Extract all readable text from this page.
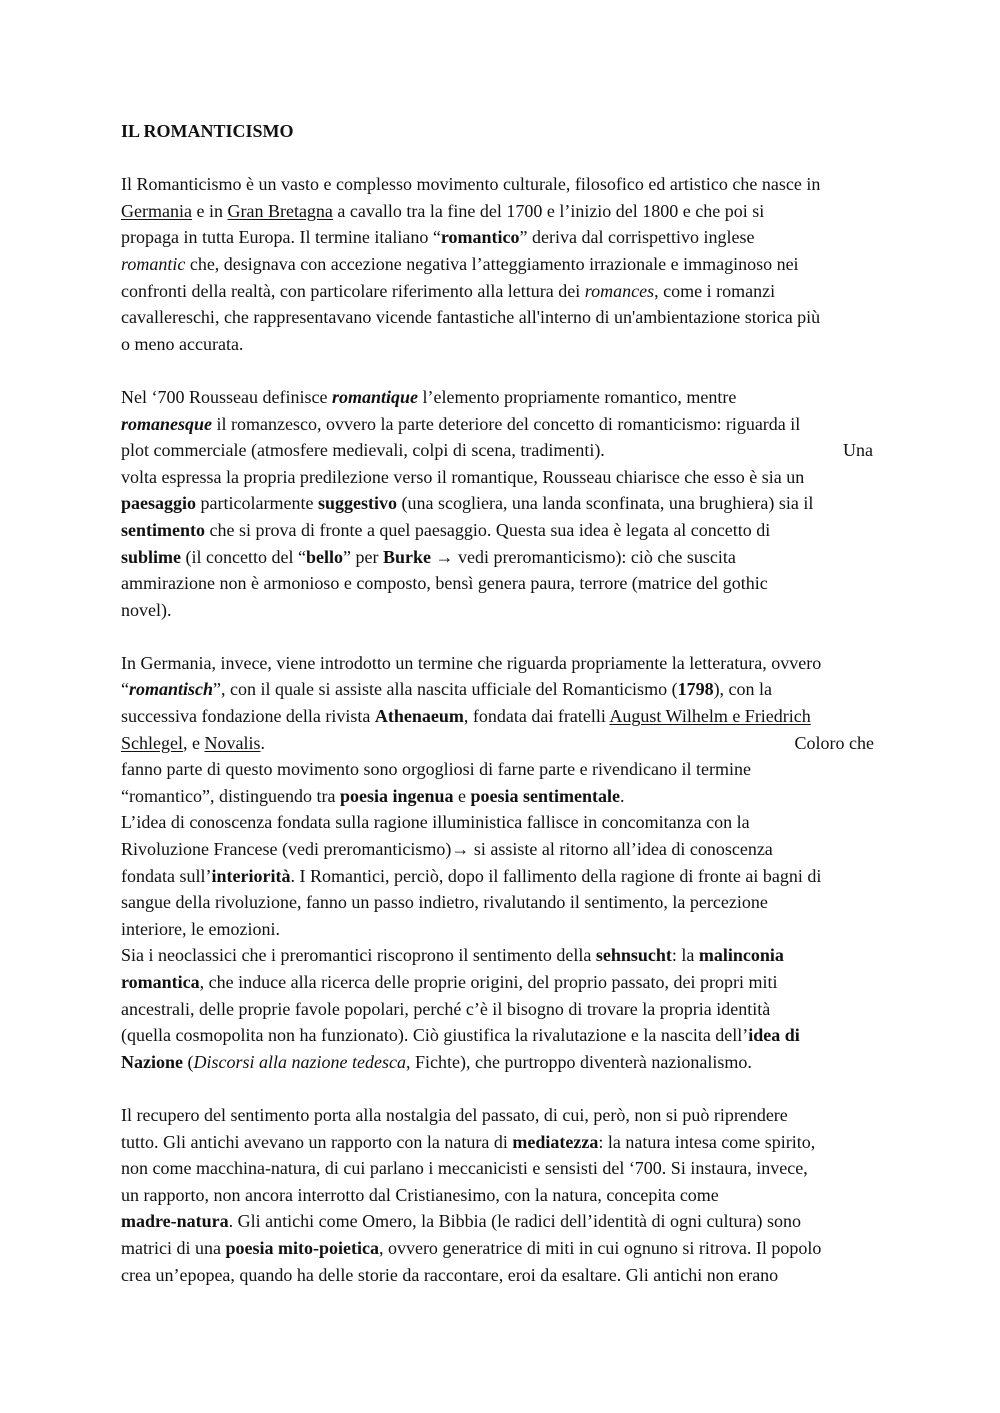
IL ROMANTICISMO
Il Romanticismo è un vasto e complesso movimento culturale, filosofico ed artistico che nasce in
Germania e in Gran Bretagna a cavallo tra la fine del 1700 e l’inizio del 1800 e che poi si
propaga in tutta Europa. Il termine italiano “romantico” deriva dal corrispettivo inglese
romantic che, designava con accezione negativa l’atteggiamento irrazionale e immaginoso nei
confronti della realtà, con particolare riferimento alla lettura dei romances, come i romanzi
cavallereschi, che rappresentavano vicende fantastiche all'interno di un'ambientazione storica più
o meno accurata.
Nel ‘700 Rousseau definisce romantique l’elemento propriamente romantico, mentre
romanesque il romanzesco, ovvero la parte deteriore del concetto di romanticismo: riguarda il
plot commerciale (atmosfere medievali, colpi di scena, tradimenti).	Una
volta espressa la propria predilezione verso il romantique, Rousseau chiarisce che esso è sia un
paesaggio particolarmente suggestivo (una scogliera, una landa sconfinata, una brughiera) sia il
sentimento che si prova di fronte a quel paesaggio. Questa sua idea è legata al concetto di
sublime (il concetto del “bello” per Burke → vedi preromanticismo): ciò che suscita
ammirazione non è armonioso e composto, bensì genera paura, terrore (matrice del gothic
novel).
In Germania, invece, viene introdotto un termine che riguarda propriamente la letteratura, ovvero
“romantisch”, con il quale si assiste alla nascita ufficiale del Romanticismo (1798), con la
successiva fondazione della rivista Athenaeum, fondata dai fratelli August Wilhelm e Friedrich
Schlegel, e Novalis.	Coloro che
fanno parte di questo movimento sono orgogliosi di farne parte e rivendicano il termine
“romantico”, distinguendo tra poesia ingenua e poesia sentimentale.
L’idea di conoscenza fondata sulla ragione illuministica fallisce in concomitanza con la
Rivoluzione Francese (vedi preromanticismo)→ si assiste al ritorno all’idea di conoscenza
fondata sull’interiorità. I Romantici, perciò, dopo il fallimento della ragione di fronte ai bagni di
sangue della rivoluzione, fanno un passo indietro, rivalutando il sentimento, la percezione
interiore, le emozioni.
Sia i neoclassici che i preromantici riscoprono il sentimento della sehnsucht: la malinconia
romantica, che induce alla ricerca delle proprie origini, del proprio passato, dei propri miti
ancestrali, delle proprie favole popolari, perché c’è il bisogno di trovare la propria identità
(quella cosmopolita non ha funzionato). Ciò giustifica la rivalutazione e la nascita dell’idea di
Nazione (Discorsi alla nazione tedesca, Fichte), che purtroppo diventerà nazionalismo.
Il recupero del sentimento porta alla nostalgia del passato, di cui, però, non si può riprendere
tutto. Gli antichi avevano un rapporto con la natura di mediatezza: la natura intesa come spirito,
non come macchina-natura, di cui parlano i meccanicisti e sensisti del ‘700. Si instaura, invece,
un rapporto, non ancora interrotto dal Cristianesimo, con la natura, concepita come
madre-natura. Gli antichi come Omero, la Bibbia (le radici dell’identità di ogni cultura) sono
matrici di una poesia mito-poietica, ovvero generatrice di miti in cui ognuno si ritrova. Il popolo
crea un’epopea, quando ha delle storie da raccontare, eroi da esaltare. Gli antichi non erano
